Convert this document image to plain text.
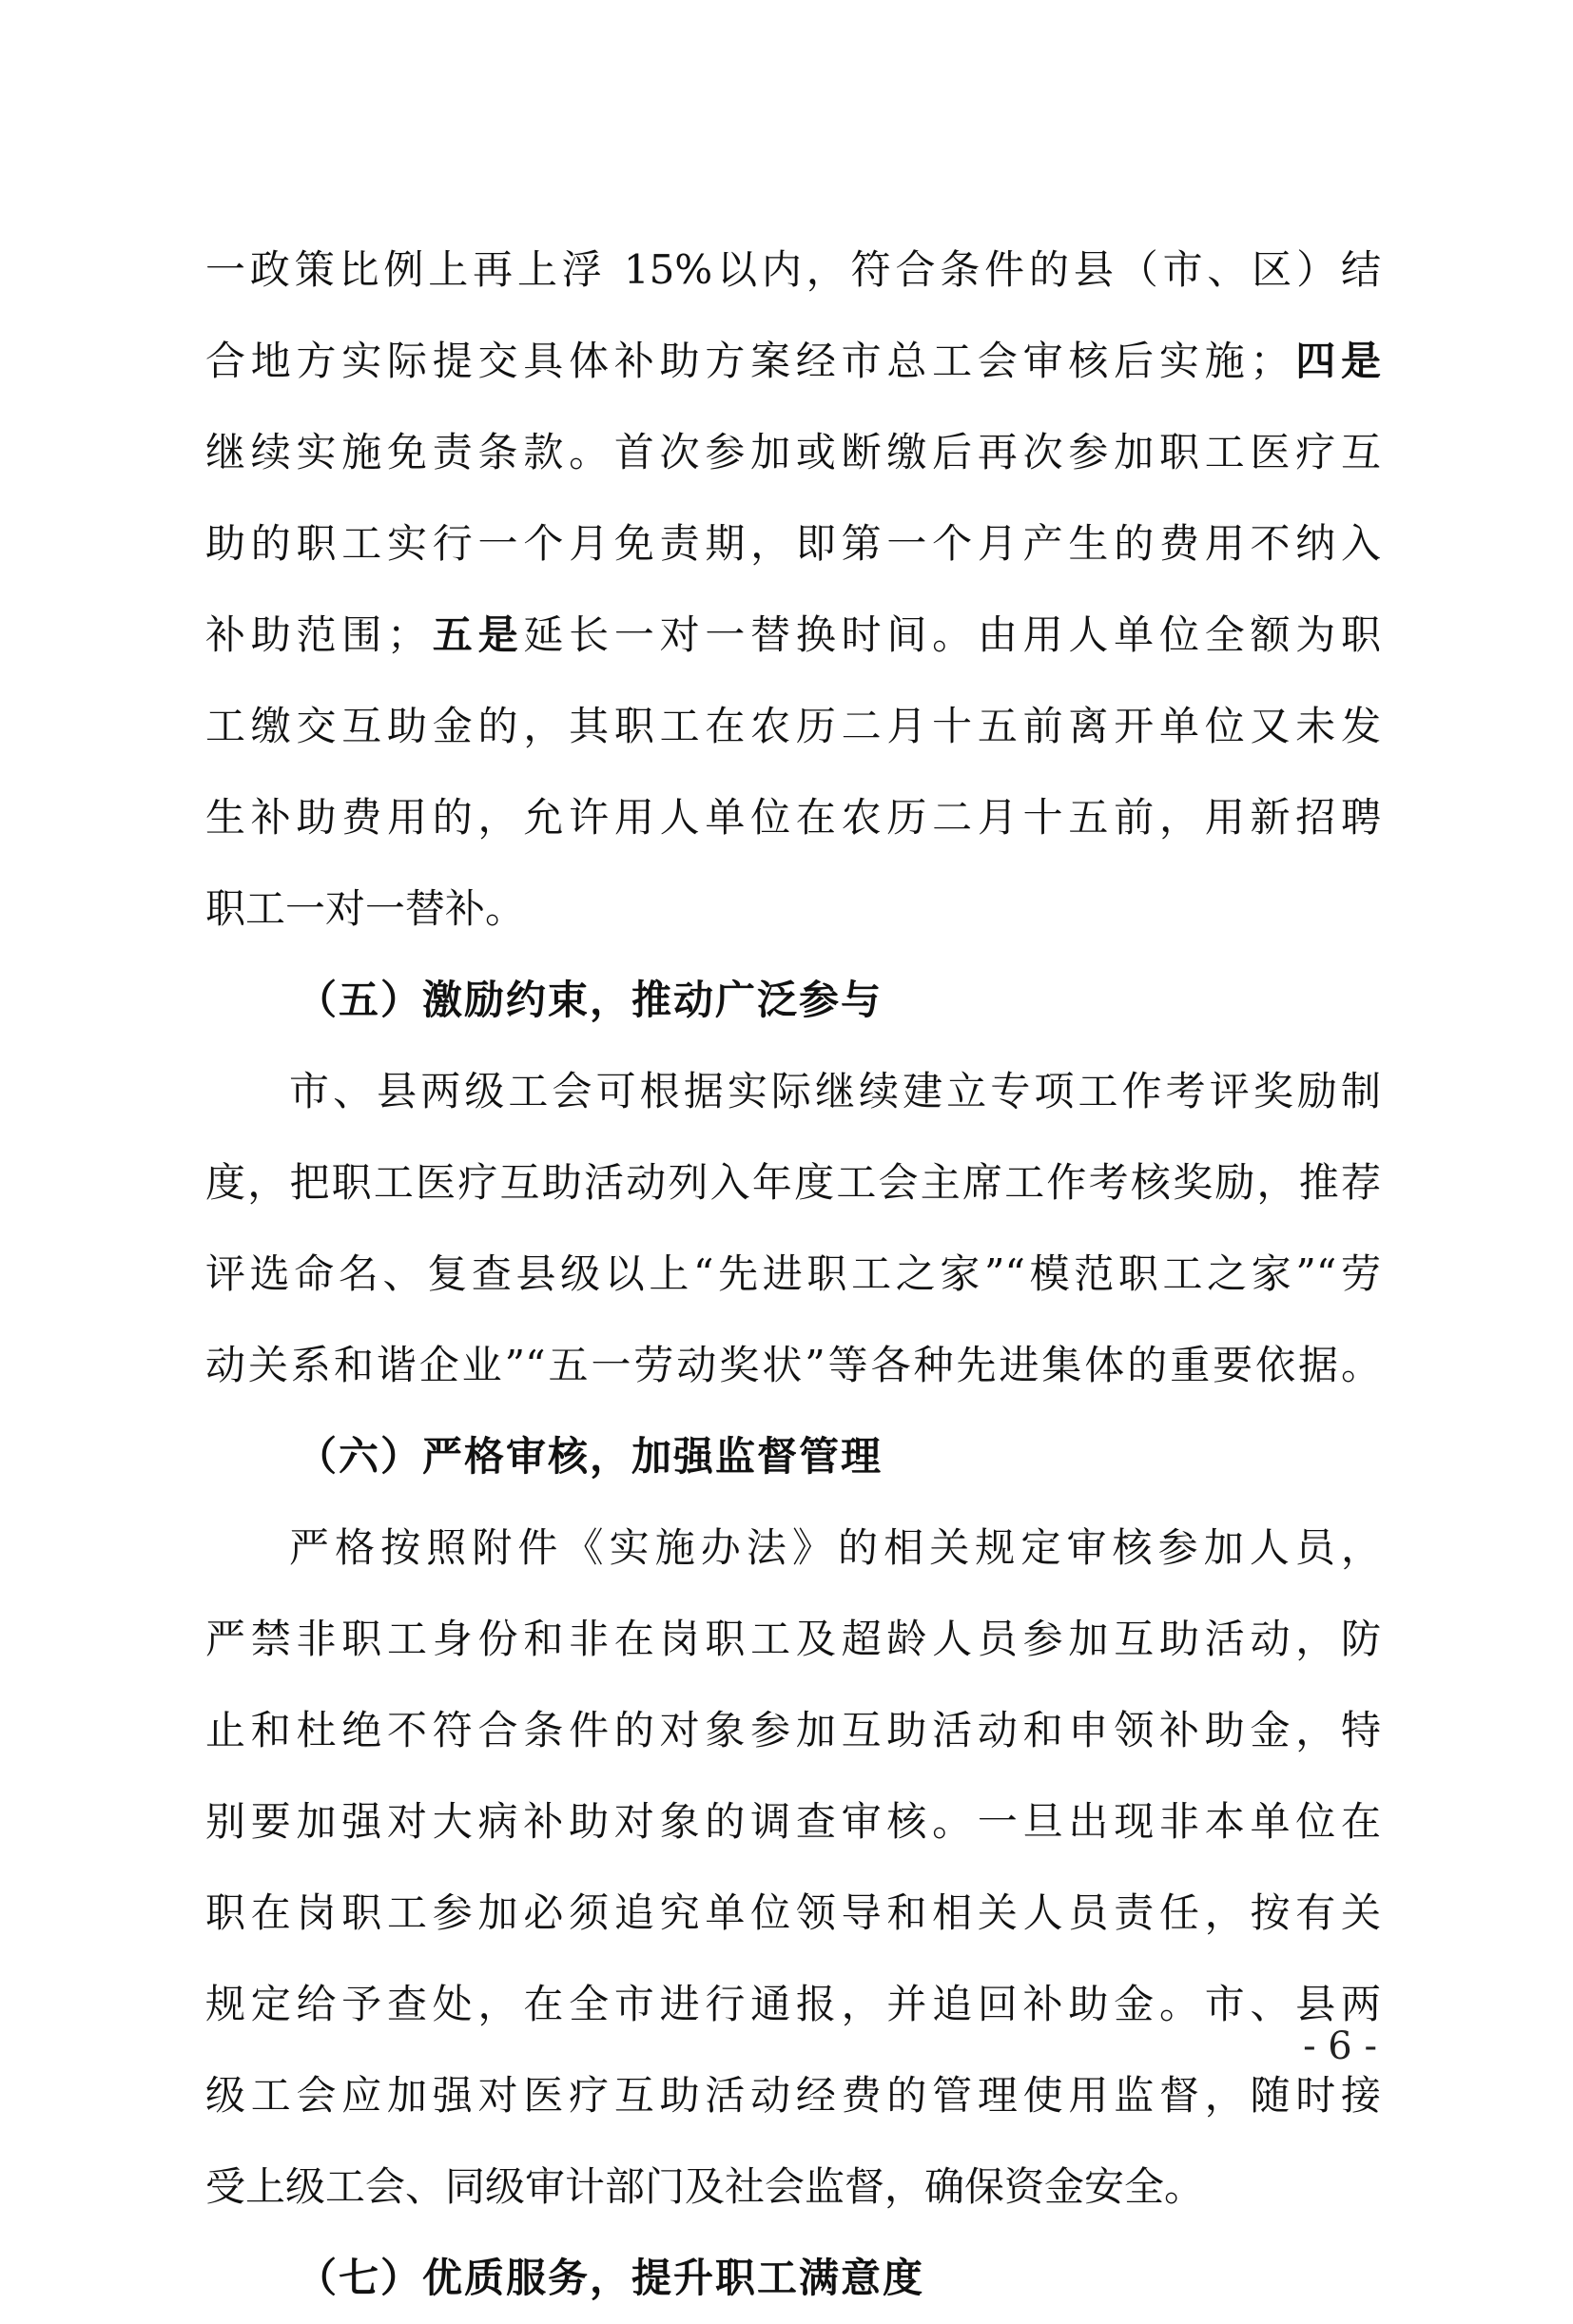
一政策比例上再上浮 15%以内，符合条件的县（市、区）结
合地方实际提交具体补助方案经市总工会审核后实施；四是
继续实施免责条款。首次参加或断缴后再次参加职工医疗互
助的职工实行一个月免责期，即第一个月产生的费用不纳入
补助范围；五是延长一对一替换时间。由用人单位全额为职
工缴交互助金的，其职工在农历二月十五前离开单位又未发
生补助费用的，允许用人单位在农历二月十五前，用新招聘
职工一对一替补。
（五）激励约束，推动广泛参与
市、县两级工会可根据实际继续建立专项工作考评奖励制
度，把职工医疗互助活动列入年度工会主席工作考核奖励，推荐
评选命名、复查县级以上“先进职工之家”“模范职工之家”“劳
动关系和谐企业”“五一劳动奖状”等各种先进集体的重要依据。
（六）严格审核，加强监督管理
严格按照附件《实施办法》的相关规定审核参加人员，
严禁非职工身份和非在岗职工及超龄人员参加互助活动，防
止和杜绝不符合条件的对象参加互助活动和申领补助金，特
别要加强对大病补助对象的调查审核。一旦出现非本单位在
职在岗职工参加必须追究单位领导和相关人员责任，按有关
规定给予查处，在全市进行通报，并追回补助金。市、县两
级工会应加强对医疗互助活动经费的管理使用监督，随时接
受上级工会、同级审计部门及社会监督，确保资金安全。
（七）优质服务，提升职工满意度
- 6 -
